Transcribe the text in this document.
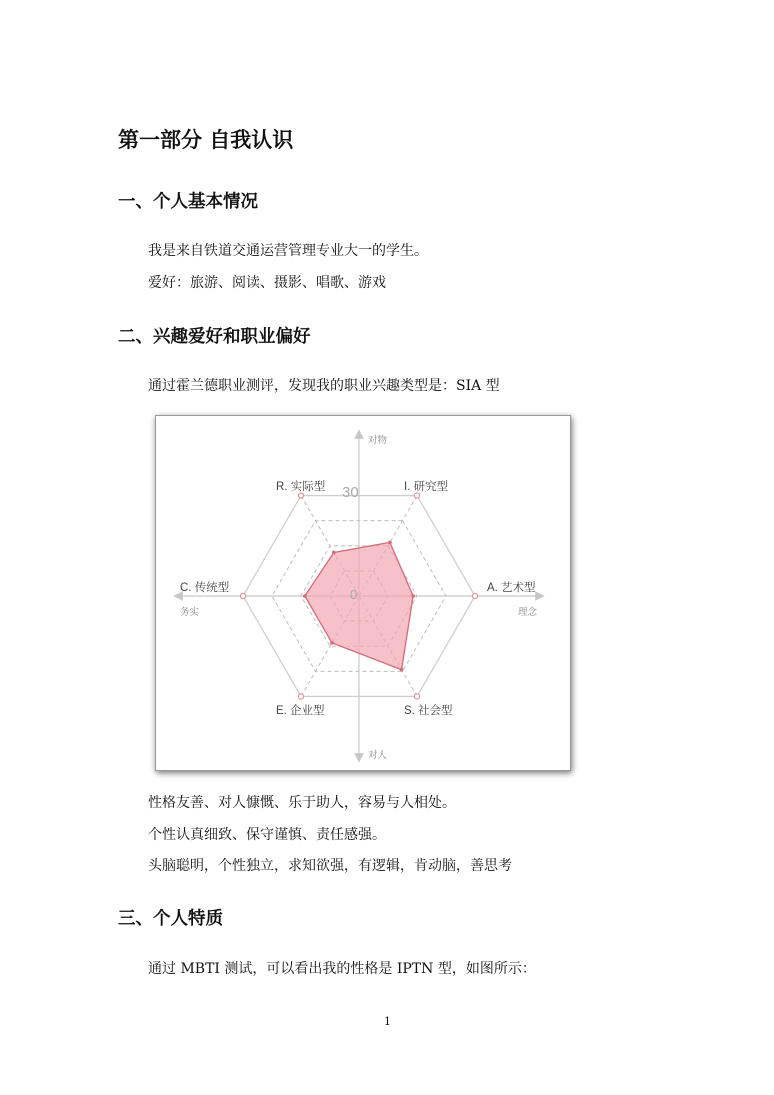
第一部分 自我认识
一、个人基本情况
我是来自铁道交通运营管理专业大一的学生。
爱好：旅游、阅读、摄影、唱歌、游戏
二、兴趣爱好和职业偏好
通过霍兰德职业测评，发现我的职业兴趣类型是：SIA 型
对物
对人
务实	理念
30
0
I. 研究型
A. 艺术型
S. 社会型
E. 企业型
C. 传统型
R. 实际型
性格友善、对人慷慨、乐于助人，容易与人相处。
个性认真细致、保守谨慎、责任感强。
头脑聪明，个性独立，求知欲强，有逻辑，肯动脑，善思考
三、个人特质
通过 MBTI 测试，可以看出我的性格是 IPTN 型，如图所示：
1
